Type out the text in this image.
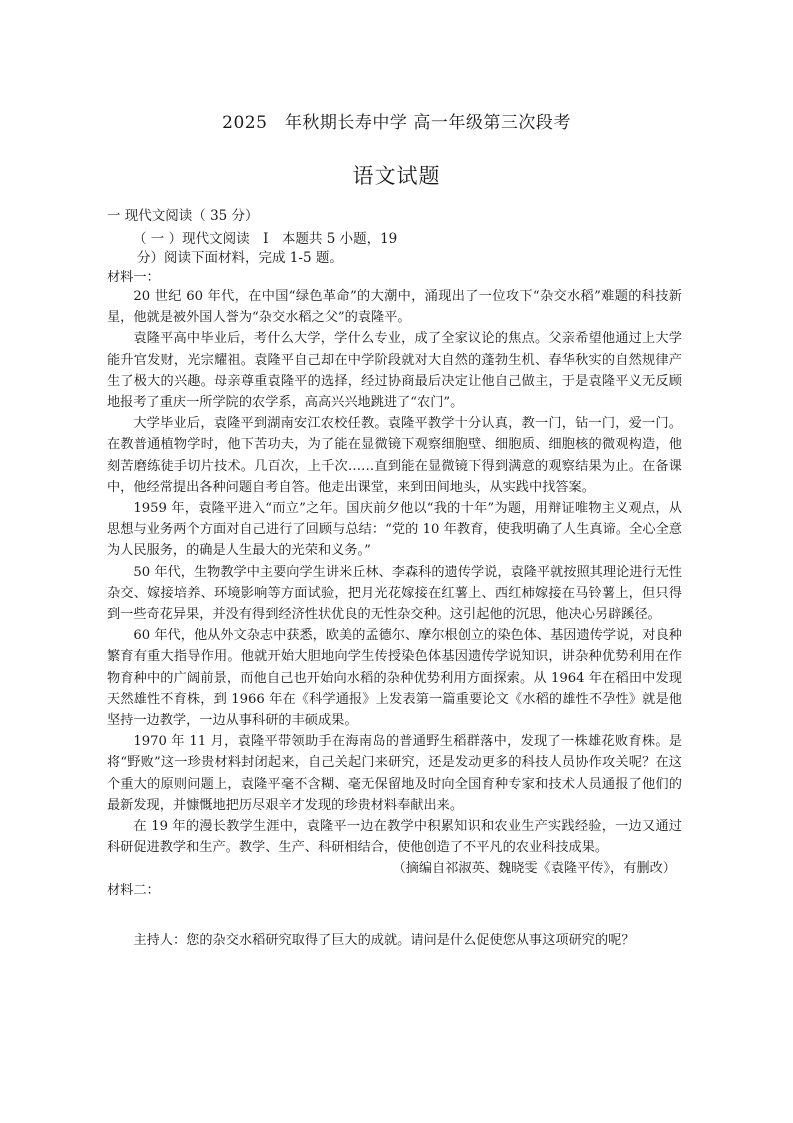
2025　年秋期长寿中学 高一年级第三次段考
语文试题
一 现代文阅读（ 35 分）
（ 一 ）现代文阅读　I　本题共 5 小题，19
分）阅读下面材料，完成 1-5 题。
材料一：

20 世纪 60 年代，在中国“绿色革命”的大潮中，涌现出了一位攻下“杂交水稻”难题的科技新星，他就是被外国人誉为“杂交水稻之父”的袁隆平。

袁隆平高中毕业后，考什么大学，学什么专业，成了全家议论的焦点。父亲希望他通过上大学能升官发财，光宗耀祖。袁隆平自己却在中学阶段就对大自然的蓬勃生机、春华秋实的自然规律产生了极大的兴趣。母亲尊重袁隆平的选择，经过协商最后决定让他自己做主，于是袁隆平义无反顾地报考了重庆一所学院的农学系，高高兴兴地跳进了“农门”。

大学毕业后，袁隆平到湖南安江农校任教。袁隆平教学十分认真，教一门，钻一门，爱一门。在教普通植物学时，他下苦功夫，为了能在显微镜下观察细胞壁、细胞质、细胞核的微观构造，他刻苦磨练徒手切片技术。几百次，上千次……直到能在显微镜下得到满意的观察结果为止。在备课中，他经常提出各种问题自考自答。他走出课堂，来到田间地头，从实践中找答案。

1959 年，袁隆平进入“而立”之年。国庆前夕他以“我的十年”为题，用辩证唯物主义观点，从思想与业务两个方面对自己进行了回顾与总结：“党的 10 年教育，使我明确了人生真谛。全心全意为人民服务，的确是人生最大的光荣和义务。”

50 年代，生物教学中主要向学生讲米丘林、李森科的遗传学说，袁隆平就按照其理论进行无性杂交、嫁接培养、环境影响等方面试验，把月光花嫁接在红薯上、西红柿嫁接在马铃薯上，但只得到一些奇花异果，并没有得到经济性状优良的无性杂交种。这引起他的沉思，他决心另辟蹊径。

60 年代，他从外文杂志中获悉，欧美的孟德尔、摩尔根创立的染色体、基因遗传学说，对良种繁育有重大指导作用。他就开始大胆地向学生传授染色体基因遗传学说知识，讲杂种优势利用在作物育种中的广阔前景，而他自己也开始向水稻的杂种优势利用方面探索。从 1964 年在稻田中发现天然雄性不育株，到 1966 年在《科学通报》上发表第一篇重要论文《水稻的雄性不孕性》就是他坚持一边教学，一边从事科研的丰硕成果。

1970 年 11 月，袁隆平带领助手在海南岛的普通野生稻群落中，发现了一株雄花败育株。是将“野败”这一珍贵材料封闭起来，自己关起门来研究，还是发动更多的科技人员协作攻关呢？在这个重大的原则问题上，袁隆平毫不含糊、毫无保留地及时向全国育种专家和技术人员通报了他们的最新发现，并慷慨地把历尽艰辛才发现的珍贵材料奉献出来。

在 19 年的漫长教学生涯中，袁隆平一边在教学中积累知识和农业生产实践经验，一边又通过科研促进教学和生产。教学、生产、科研相结合，使他创造了不平凡的农业科技成果。

（摘编自祁淑英、魏晓雯《袁隆平传》，有删改）

材料二：

主持人：您的杂交水稻研究取得了巨大的成就。请问是什么促使您从事这项研究的呢？
